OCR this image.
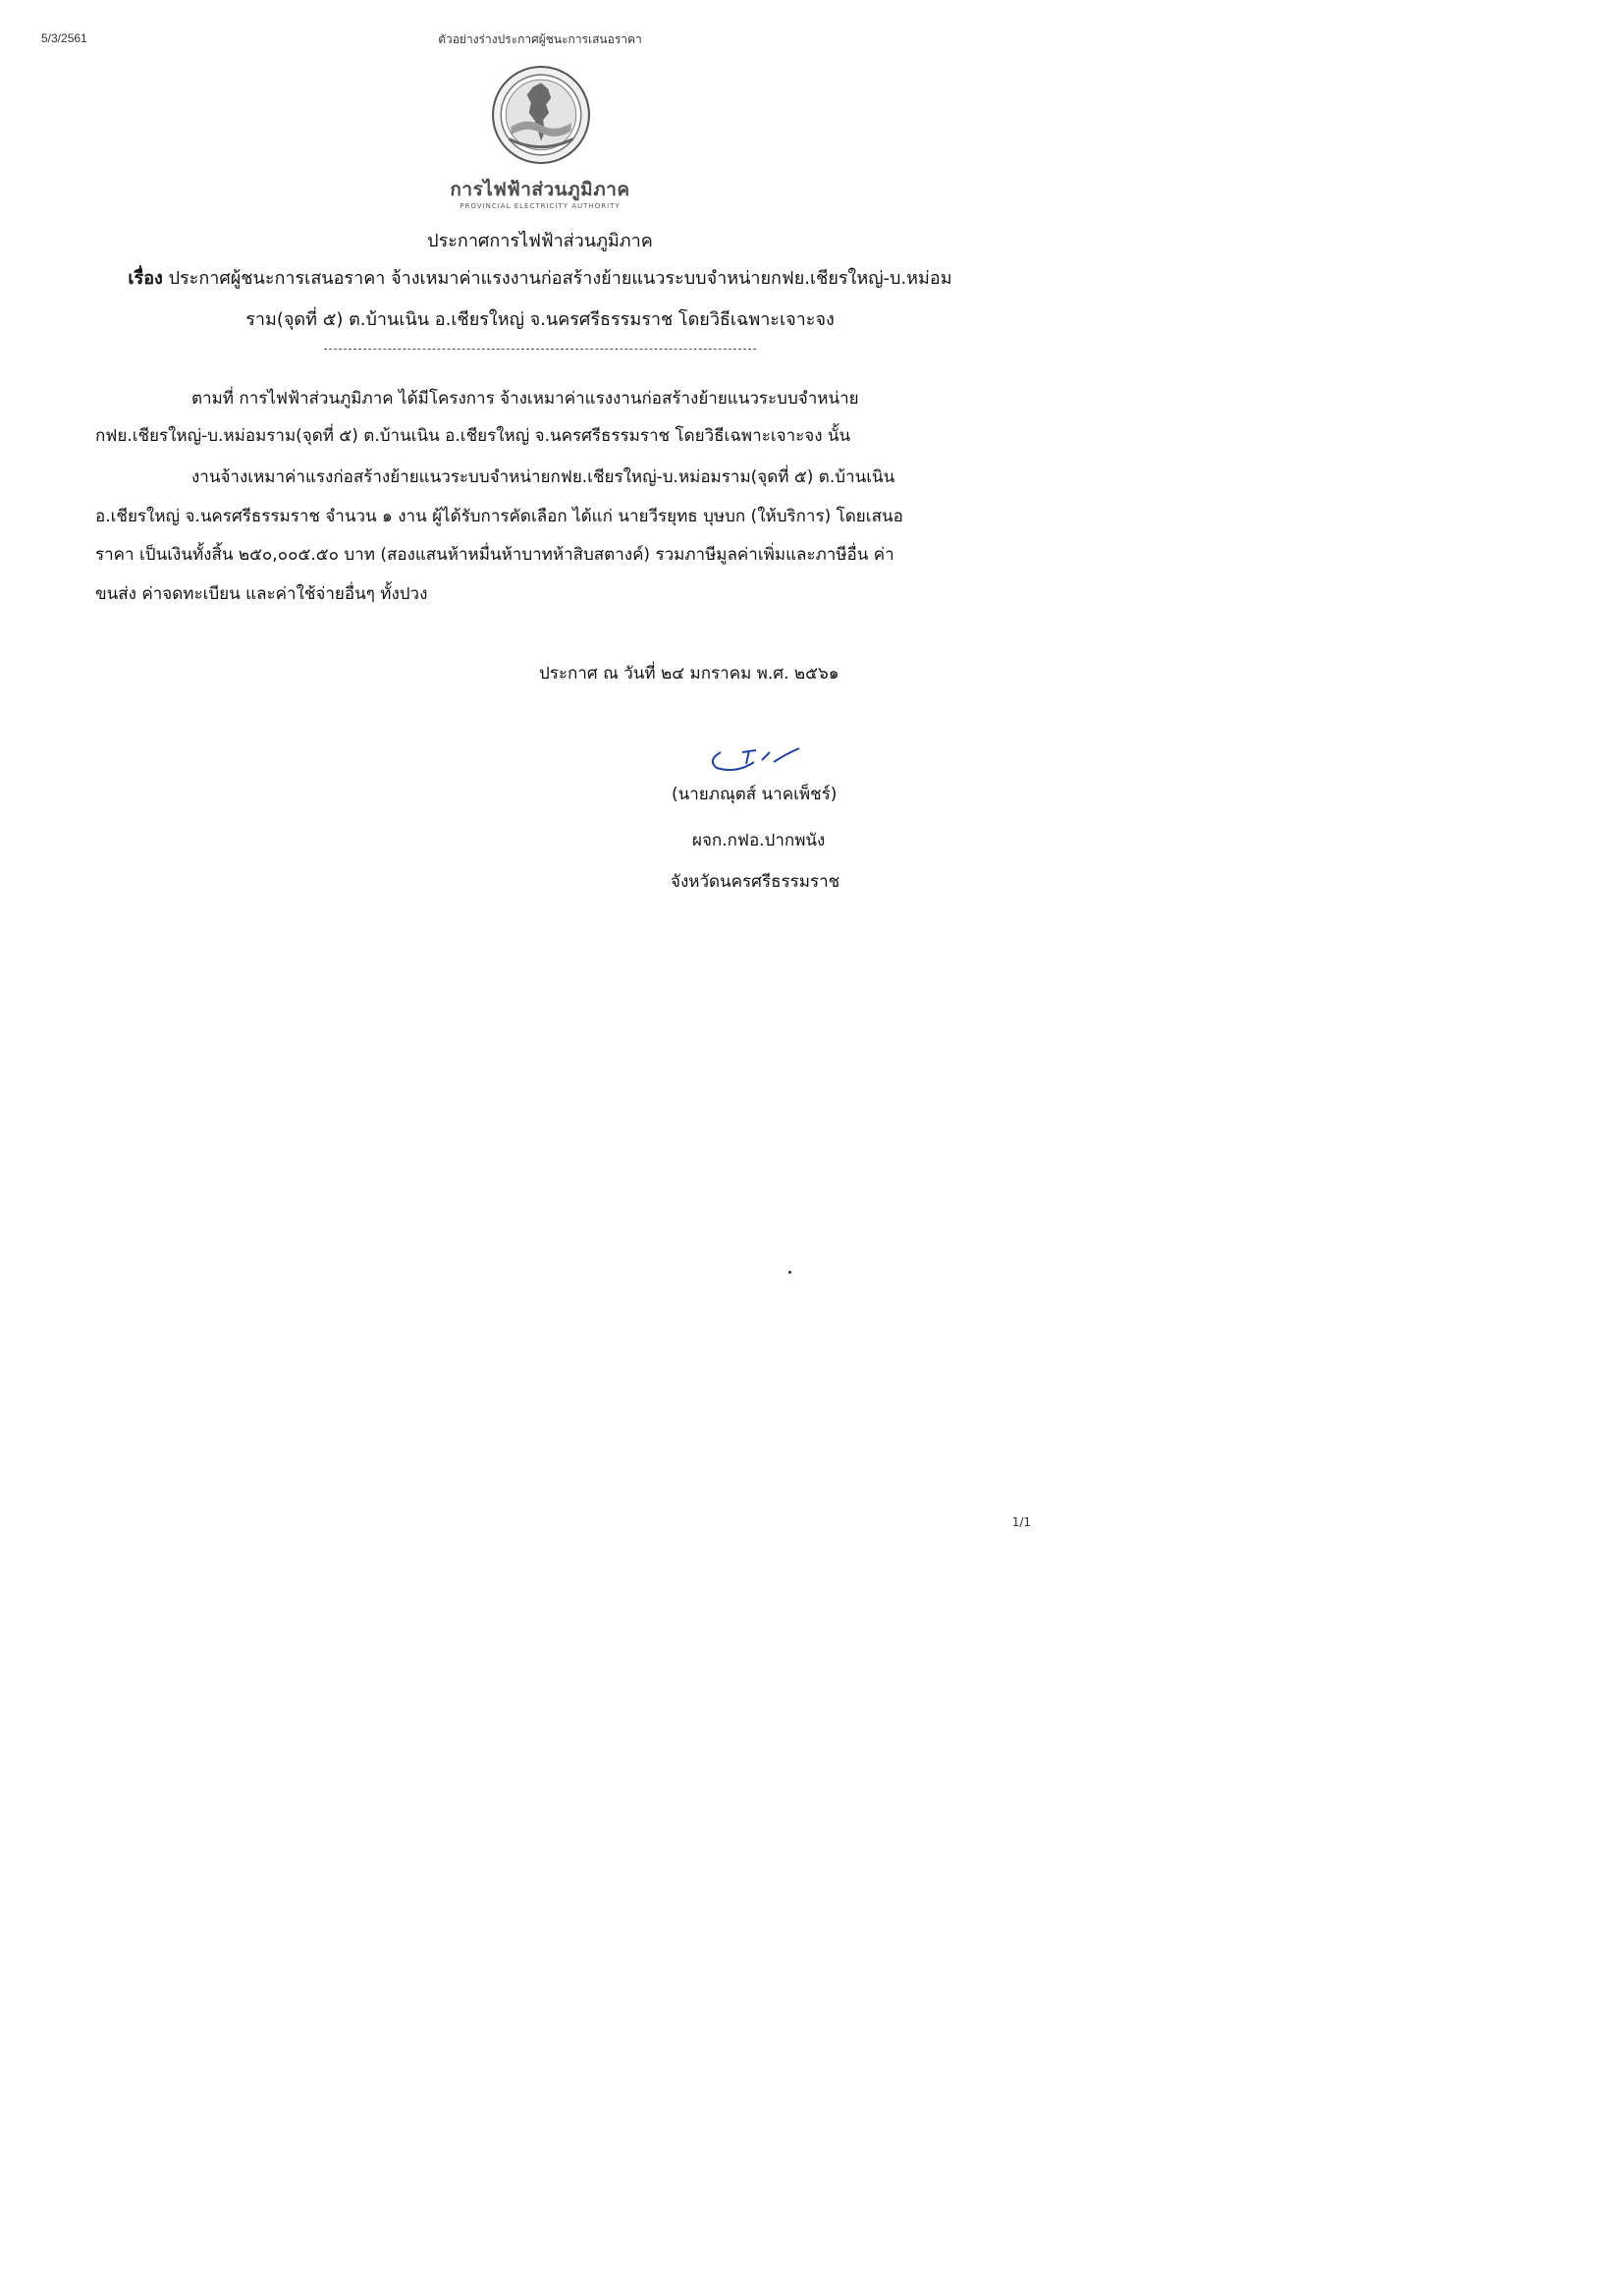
5/3/2561	ตัวอย่างร่างประกาศผู้ชนะการเสนอราคา
การไฟฟ้าส่วนภูมิภาค
PROVINCIAL ELECTRICITY AUTHORITY
ประกาศการไฟฟ้าส่วนภูมิภาค
เรื่อง ประกาศผู้ชนะการเสนอราคา จ้างเหมาค่าแรงงานก่อสร้างย้ายแนวระบบจำหน่ายกฟย.เชียรใหญ่-บ.หม่อม
ราม(จุดที่ ๕) ต.บ้านเนิน อ.เชียรใหญ่ จ.นครศรีธรรมราช โดยวิธีเฉพาะเจาะจง
ตามที่ การไฟฟ้าส่วนภูมิภาค ได้มีโครงการ จ้างเหมาค่าแรงงานก่อสร้างย้ายแนวระบบจำหน่าย
กฟย.เชียรใหญ่-บ.หม่อมราม(จุดที่ ๕) ต.บ้านเนิน อ.เชียรใหญ่ จ.นครศรีธรรมราช โดยวิธีเฉพาะเจาะจง นั้น
งานจ้างเหมาค่าแรงก่อสร้างย้ายแนวระบบจำหน่ายกฟย.เชียรใหญ่-บ.หม่อมราม(จุดที่ ๕) ต.บ้านเนิน
อ.เชียรใหญ่ จ.นครศรีธรรมราช จำนวน ๑ งาน ผู้ได้รับการคัดเลือก ได้แก่ นายวีรยุทธ บุษบก (ให้บริการ) โดยเสนอ
ราคา เป็นเงินทั้งสิ้น ๒๕๐,๐๐๕.๕๐ บาท (สองแสนห้าหมื่นห้าบาทห้าสิบสตางค์) รวมภาษีมูลค่าเพิ่มและภาษีอื่น ค่า
ขนส่ง ค่าจดทะเบียน และค่าใช้จ่ายอื่นๆ ทั้งปวง
ประกาศ ณ วันที่ ๒๔ มกราคม พ.ศ. ๒๕๖๑
(นายภณุตส์ นาคเพ็ชร์)
ผจก.กฟอ.ปากพนัง
จังหวัดนครศรีธรรมราช
1/1
